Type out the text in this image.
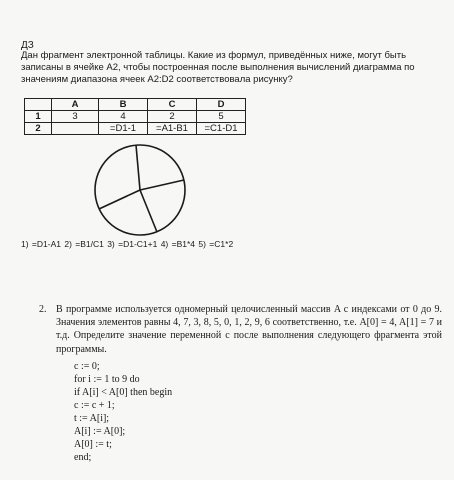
ДЗ
Дан фрагмент электронной таблицы. Какие из формул, приведённых ниже, могут быть записаны в ячейке А2, чтобы построенная после выполнения вычислений диаграмма по значениям диапазона ячеек А2:D2 соответствовала рисунку?
	A	B	C	D
1	3	4	2	5
2		=D1-1	=A1-B1	=C1-D1
1) =D1-A1 2) =B1/C1 3) =D1-C1+1 4) =B1*4 5) =C1*2
2. В программе используется одномерный целочисленный массив A с индексами от 0 до 9. Значения элементов равны 4, 7, 3, 8, 5, 0, 1, 2, 9, 6 соответственно, т.е. A[0] = 4, A[1] = 7 и т.д. Определите значение переменной с после выполнения следующего фрагмента этой программы.
c := 0;
for i := 1 to 9 do
if A[i] < A[0] then begin
c := c + 1;
t := A[i];
A[i] := A[0];
A[0] := t;
end;
